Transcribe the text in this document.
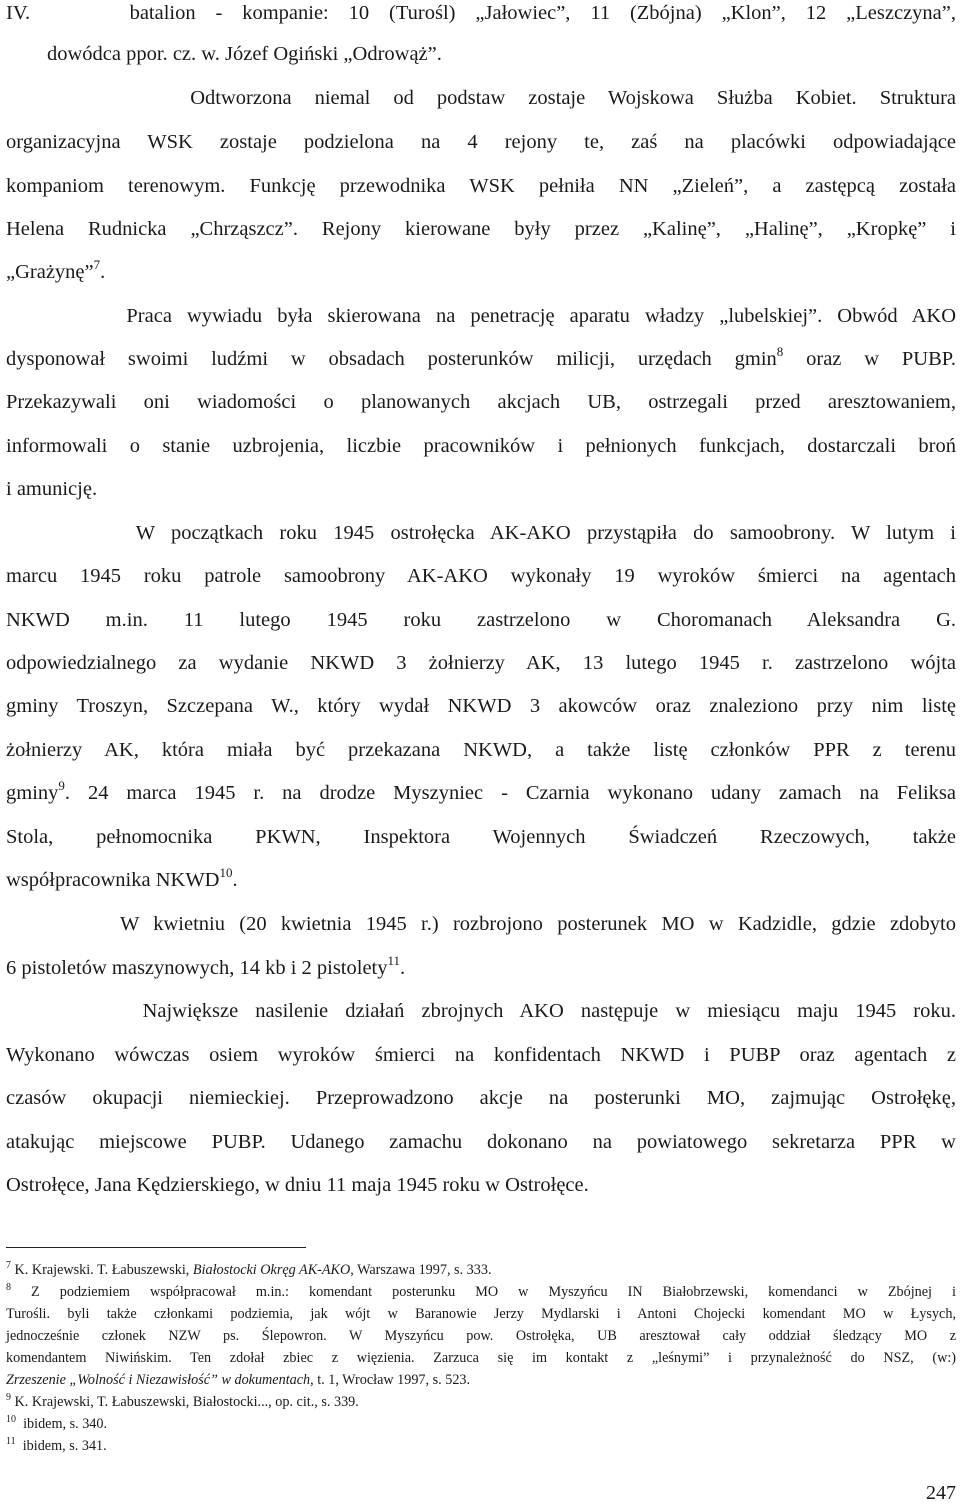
IV.     batalion - kompanie: 10 (Turośl) „Jałowiec”, 11 (Zbójna) „Klon”, 12 „Leszczyna”,
dowódca ppor. cz. w. Józef Ogiński „Odrowąż”.
Odtworzona niemal od podstaw zostaje Wojskowa Służba Kobiet. Struktura
organizacyjna WSK zostaje podzielona na 4 rejony te, zaś na placówki odpowiadające
kompaniom terenowym. Funkcję przewodnika WSK pełniła NN „Zieleń”, a zastępcą została
Helena Rudnicka „Chrząszcz”. Rejony kierowane były przez „Kalinę”, „Halinę”, „Kropkę” i
„Grażynę”$^7$.
Praca wywiadu była skierowana na penetrację aparatu władzy „lubelskiej”. Obwód AKO
dysponował swoimi ludźmi w obsadach posterunków milicji, urzędach gmin$^8$ oraz w PUBP.
Przekazywali oni wiadomości o planowanych akcjach UB, ostrzegali przed aresztowaniem,
informowali o stanie uzbrojenia, liczbie pracowników i pełnionych funkcjach, dostarczali broń
i amunicję.
W początkach roku 1945 ostrołęcka AK-AKO przystąpiła do samoobrony. W lutym i
marcu 1945 roku patrole samoobrony AK-AKO wykonały 19 wyroków śmierci na agentach
NKWD m.in. 11 lutego 1945 roku zastrzelono w Choromanach Aleksandra G.
odpowiedzialnego za wydanie NKWD 3 żołnierzy AK, 13 lutego 1945 r. zastrzelono wójta
gminy Troszyn, Szczepana W., który wydał NKWD 3 akowców oraz znaleziono przy nim listę
żołnierzy AK, która miała być przekazana NKWD, a także listę członków PPR z terenu
gminy$^9$. 24 marca 1945 r. na drodze Myszyniec - Czarnia wykonano udany zamach na Feliksa
Stola, pełnomocnika PKWN, Inspektora Wojennych Świadczeń Rzeczowych, także
współpracownika NKWD$^{10}$.
W kwietniu (20 kwietnia 1945 r.) rozbrojono posterunek MO w Kadzidle, gdzie zdobyto
6 pistoletów maszynowych, 14 kb i 2 pistolety$^{11}$.
Największe nasilenie działań zbrojnych AKO następuje w miesiącu maju 1945 roku.
Wykonano wówczas osiem wyroków śmierci na konfidentach NKWD i PUBP oraz agentach z
czasów okupacji niemieckiej. Przeprowadzono akcje na posterunki MO, zajmując Ostrołękę,
atakując miejscowe PUBP. Udanego zamachu dokonano na powiatowego sekretarza PPR w
Ostrołęce, Jana Kędzierskiego, w dniu 11 maja 1945 roku w Ostrołęce.
$^7$ K. Krajewski. T. Łabuszewski, Białostocki Okręg AK-AKO, Warszawa 1997, s. 333.
$^8$ Z podziemiem współpracował m.in.: komendant posterunku MO w Myszyńcu IN Białobrzewski, komendanci w Zbójnej i
Turośli. byli także członkami podziemia, jak wójt w Baranowie Jerzy Mydlarski i Antoni Chojecki komendant MO w Łysych,
jednocześnie członek NZW ps. Ślepowron. W Myszyńcu pow. Ostrołęka, UB aresztował cały oddział śledzący MO z
komendantem Niwińskim. Ten zdołał zbiec z więzienia. Zarzuca się im kontakt z „leśnymi” i przynależność do NSZ, (w:)
Zrzeszenie „Wolność i Niezawisłość” w dokumentach, t. 1, Wrocław 1997, s. 523.
$^9$ K. Krajewski, T. Łabuszewski, Białostocki..., op. cit., s. 339.
$^{10}$  ibidem, s. 340.
$^{11}$  ibidem, s. 341.
247
